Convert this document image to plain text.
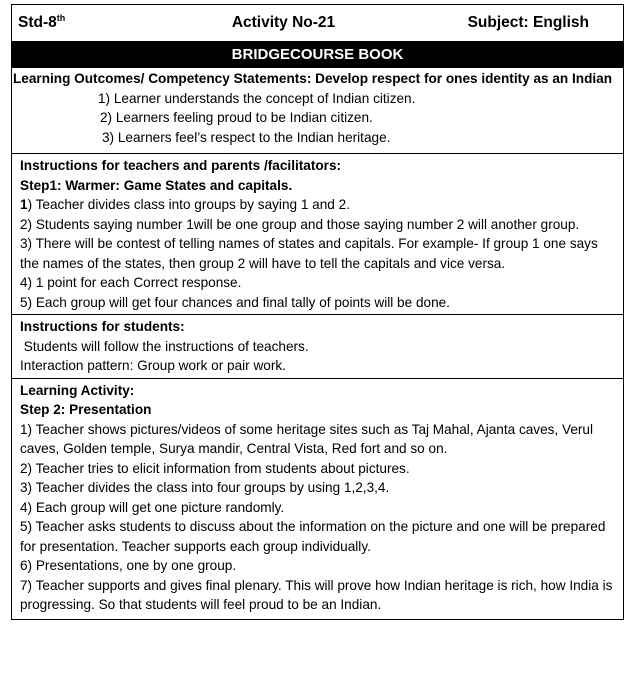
Std-8th	Activity No-21	Subject: English
BRIDGECOURSE BOOK
Learning Outcomes/ Competency Statements: Develop respect for ones identity as an Indian
1) Learner understands the concept of Indian citizen.
2) Learners feeling proud to be Indian citizen.
3) Learners feel’s respect to the Indian heritage.
Instructions for teachers and parents /facilitators:
Step1: Warmer: Game States and capitals.
1) Teacher divides class into groups by saying 1 and 2.
2) Students saying number 1will be one group and those saying number 2 will another group.
3) There will be contest of telling names of states and capitals. For example- If group 1 one says the names of the states, then group 2 will have to tell the capitals and vice versa.
4) 1 point for each Correct response.
5) Each group will get four chances and final tally of points will be done.
Instructions for students:
Students will follow the instructions of teachers.
Interaction pattern: Group work or pair work.
Learning Activity:
Step 2: Presentation
1) Teacher shows pictures/videos of some heritage sites such as Taj Mahal, Ajanta caves, Verul caves, Golden temple, Surya mandir, Central Vista, Red fort and so on.
2) Teacher tries to elicit information from students about pictures.
3) Teacher divides the class into four groups by using 1,2,3,4.
4) Each group will get one picture randomly.
5) Teacher asks students to discuss about the information on the picture and one will be prepared for presentation. Teacher supports each group individually.
6) Presentations, one by one group.
7) Teacher supports and gives final plenary. This will prove how Indian heritage is rich, how India is progressing. So that students will feel proud to be an Indian.
